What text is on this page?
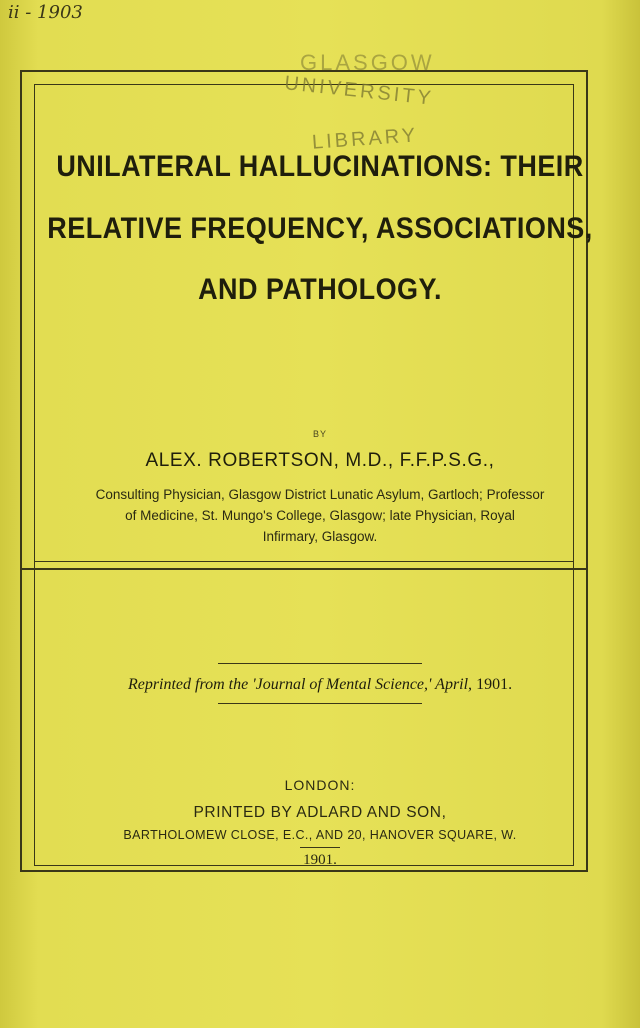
ii - 1903
GLASGOW
UNIVERSITY
LIBRARY
UNILATERAL HALLUCINATIONS: THEIR
RELATIVE FREQUENCY, ASSOCIATIONS,
AND PATHOLOGY.
BY
ALEX. ROBERTSON, M.D., F.F.P.S.G.,
Consulting Physician, Glasgow District Lunatic Asylum, Gartloch; Professor
of Medicine, St. Mungo's College, Glasgow; late Physician, Royal
Infirmary, Glasgow.
Reprinted from the 'Journal of Mental Science,' April, 1901.
LONDON:
PRINTED BY ADLARD AND SON,
BARTHOLOMEW CLOSE, E.C., AND 20, HANOVER SQUARE, W.
1901.
